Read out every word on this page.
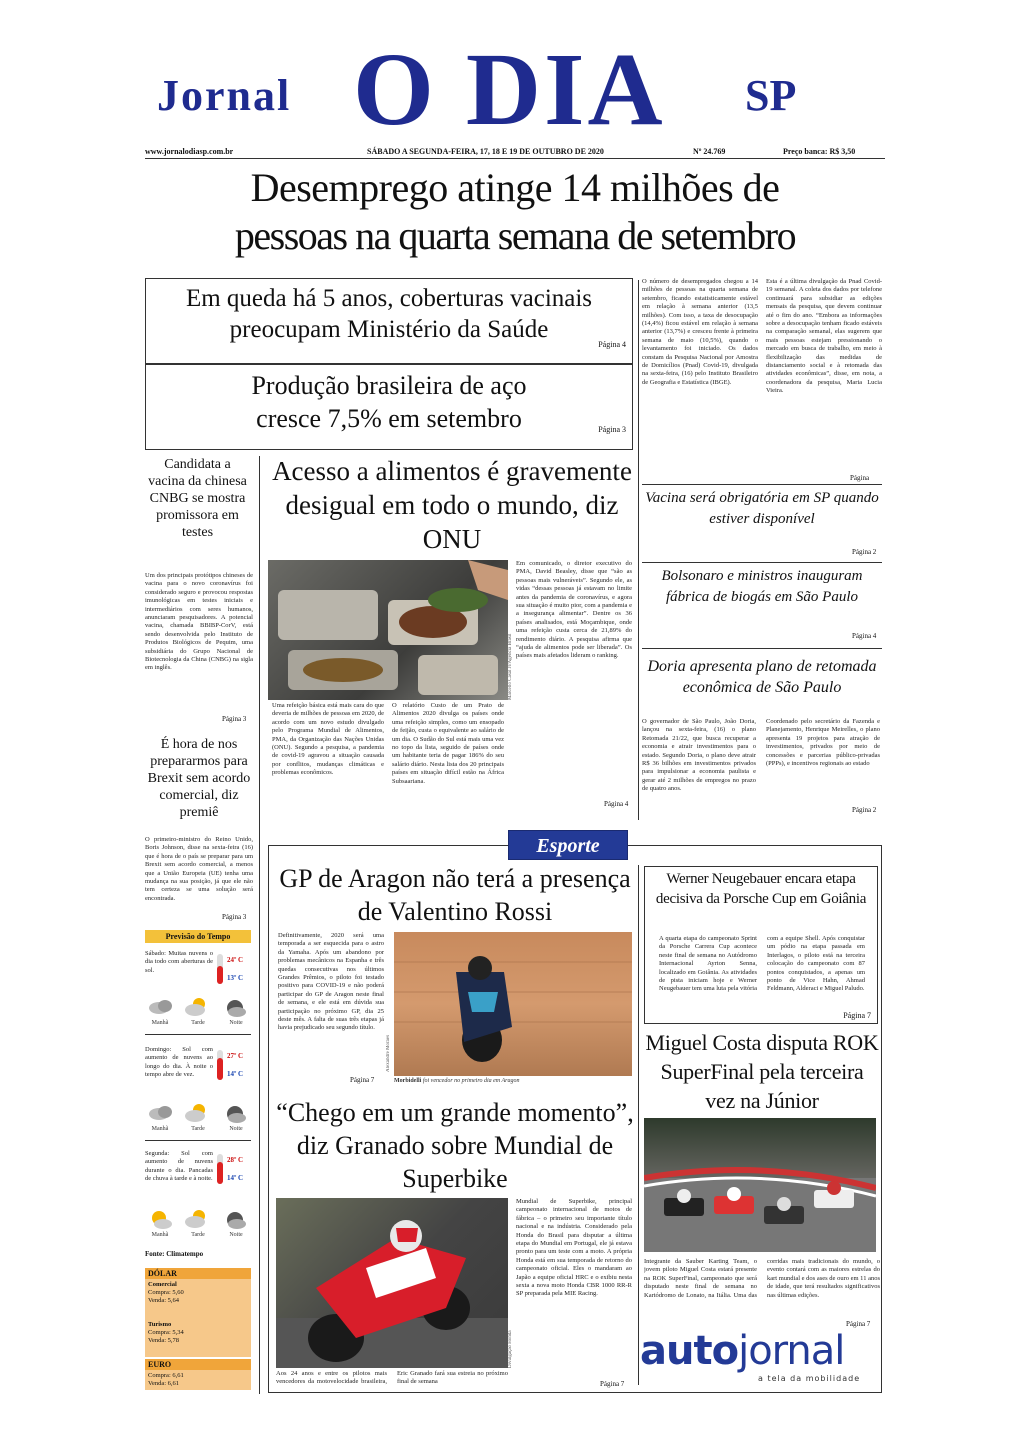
Jornal O DIA SP
www.jornalodiasp.com.br	SÁBADO A SEGUNDA-FEIRA, 17, 18 E 19 DE OUTUBRO DE 2020	Nº 24.769	Preço banca: R$ 3,50
Desemprego atinge 14 milhões de
pessoas na quarta semana de setembro
Em queda há 5 anos, coberturas vacinais
preocupam Ministério da Saúde
Página 4
Produção brasileira de aço
cresce 7,5% em setembro	Página 3
O número de desempregados chegou a 14 milhões de pessoas na quarta semana de setembro, ficando estatisticamente estável em relação à semana anterior (13,5 milhões). Com isso, a taxa de desocupação (14,4%) ficou estável em relação à semana anterior (13,7%) e cresceu frente à primeira semana de maio (10,5%), quando o levantamento foi iniciado. Os dados constam da Pesquisa Nacional por Amostra de Domicílios (Pnad) Covid-19, divulgada na sexta-feira, (16) pelo Instituto Brasileiro de Geografia e Estatística (IBGE).
Esta é a última divulgação da Pnad Covid-19 semanal. A coleta dos dados por telefone continuará para subsidiar as edições mensais da pesquisa, que devem continuar até o fim do ano. “Embora as informações sobre a desocupação tenham ficado estáveis na comparação semanal, elas sugerem que mais pessoas estejam pressionando o mercado em busca de trabalho, em meio à flexibilização das medidas de distanciamento social e à retomada das atividades econômicas”, disse, em nota, a coordenadora da pesquisa, Maria Lucia Vieira.
Página
Candidata a vacina da chinesa CNBG se mostra promissora em testes
Um dos principais protótipos chineses de vacina para o novo coronavírus foi considerado seguro e provocou respostas imunológicas em testes iniciais e intermediários com seres humanos, anunciaram pesquisadores. A potencial vacina, chamada BBIBP-CorV, está sendo desenvolvida pelo Instituto de Produtos Biológicos de Pequim, uma subsidiária do Grupo Nacional de Biotecnologia da China (CNBG) na sigla em inglês.
Página 3
É hora de nos prepararmos para Brexit sem acordo comercial, diz premiê
O primeiro-ministro do Reino Unido, Boris Johnson, disse na sexta-feira (16) que é hora de o país se preparar para um Brexit sem acordo comercial, a menos que a União Europeia (UE) tenha uma mudança na sua posição, já que ele não tem certeza se uma solução será encontrada.
Página 3
Previsão do Tempo
Sábado: Muitas nuvens o dia todo com aberturas de sol.
24º C
13º C
Manhã	Tarde	Noite
Domingo: Sol com aumento de nuvens ao longo do dia. À noite o tempo abre de vez.
27º C
14º C
Manhã	Tarde	Noite
Segunda: Sol com aumento de nuvens durante o dia. Pancadas de chuva à tarde e à noite.
28º C
14º C
Manhã	Tarde	Noite
Fonte: Climatempo
DÓLAR
Comercial
Compra: 5,60
Venda: 5,64
Turismo
Compra: 5,34
Venda: 5,78
EURO
Compra: 6,61
Venda: 6,61
Acesso a alimentos é gravemente desigual em todo o mundo, diz ONU
Marcello Casal Jr/Agência Brasil
Uma refeição básica está mais cara do que deveria de milhões de pessoas em 2020, de acordo com um novo estudo divulgado pelo Programa Mundial de Alimentos, PMA, da Organização das Nações Unidas (ONU). Segundo a pesquisa, a pandemia de covid-19 agravou a situação causada por conflitos, mudanças climáticas e problemas econômicos.
O relatório Custo de um Prato de Alimentos 2020 divulga os países onde uma refeição simples, como um ensopado de feijão, custa o equivalente ao salário de um dia. O Sudão do Sul está mais uma vez no topo da lista, seguido de países onde um habitante teria de pagar 186% do seu salário diário. Nesta lista dos 20 principais países em situação difícil estão na África Subsaariana.
Em comunicado, o diretor executivo do PMA, David Beasley, disse que “são as pessoas mais vulneráveis”. Segundo ele, as vidas “dessas pessoas já estavam no limite antes da pandemia de coronavírus, e agora sua situação é muito pior, com a pandemia e a insegurança alimentar”. Dentre os 36 países analisados, está Moçambique, onde uma refeição custa cerca de 21,89% do rendimento diário. A pesquisa afirma que “ajuda de alimentos pode ser liberada”. Os países mais afetados lideram o ranking.
Página 4
Vacina será obrigatória em SP quando estiver disponível
Página 2
Bolsonaro e ministros inauguram fábrica de biogás em São Paulo
Página 4
Doria apresenta plano de retomada econômica de São Paulo
O governador de São Paulo, João Doria, lançou na sexta-feira, (16) o plano Retomada 21/22, que busca recuperar a economia e atrair investimentos para o estado. Segundo Doria, o plano deve atrair R$ 36 bilhões em investimentos privados para impulsionar a economia paulista e gerar até 2 milhões de empregos no prazo de quatro anos.
Coordenado pelo secretário da Fazenda e Planejamento, Henrique Meirelles, o plano apresenta 19 projetos para atração de investimentos, privados por meio de concessões e parcerias público-privadas (PPPs), e incentivos regionais ao estado
Página 2
Esporte
GP de Aragon não terá a presença de Valentino Rossi
Definitivamente, 2020 será uma temporada a ser esquecida para o astro da Yamaha. Após um abandono por problemas mecânicos na Espanha e três quedas consecutivas nos últimos Grandes Prêmios, o piloto foi testado positivo para COVID-19 e não poderá participar do GP de Aragon neste final de semana, e ele está em dúvida sua participação no próximo GP, dia 25 deste mês. A falta de suas três etapas já havia prejudicado seu segundo título.
Página 7
Alexandre Moraes
Morbidelli foi vencedor no primeiro dia em Aragon
“Chego em um grande momento”, diz Granado sobre Mundial de Superbike
Divulgação Honda
Aos 24 anos e entre os pilotos mais vencedores da motovelocidade brasileira, Eric Granado fará sua estreia no próximo final de semana
Mundial de Superbike, principal campeonato internacional de motos de fábrica – o primeiro seu importante título nacional e na indústria. Considerado pela Honda do Brasil para disputar a última etapa do Mundial em Portugal, ele já estava pronto para um teste com a moto. A própria Honda está em sua temporada de retorno do campeonato oficial. Eles o mandaram ao Japão a equipe oficial HRC e o exibiu nesta sexta a nova moto Honda CBR 1000 RR-R SP preparada pela MIE Racing.
Página 7
Werner Neugebauer encara etapa decisiva da Porsche Cup em Goiânia
A quarta etapa do campeonato Sprint da Porsche Carrera Cup acontece neste final de semana no Autódromo Internacional Ayrton Senna, localizado em Goiânia. As atividades de pista iniciam hoje e Werner Neugebauer tem uma luta pela vitória com a equipe Shell. Após conquistar um pódio na etapa passada em Interlagos, o piloto está na terceira colocação do campeonato com 87 pontos conquistados, a apenas um ponto de Vice Hahn, Ahmad Feldmann, Alderaci e Miguel Paludo.
Página 7
Miguel Costa disputa ROK SuperFinal pela terceira vez na Júnior
Integrante da Sauber Karting Team, o jovem piloto Miguel Costa estará presente na ROK SuperFinal, campeonato que será disputado neste final de semana no Kartódromo de Lonato, na Itália. Uma das corridas mais tradicionais do mundo, o evento contará com as maiores estrelas do kart mundial e dos ases de ouro em 11 anos de idade, que terá resultados significativos nas últimas edições.
Página 7
autojornal
a tela da mobilidade
